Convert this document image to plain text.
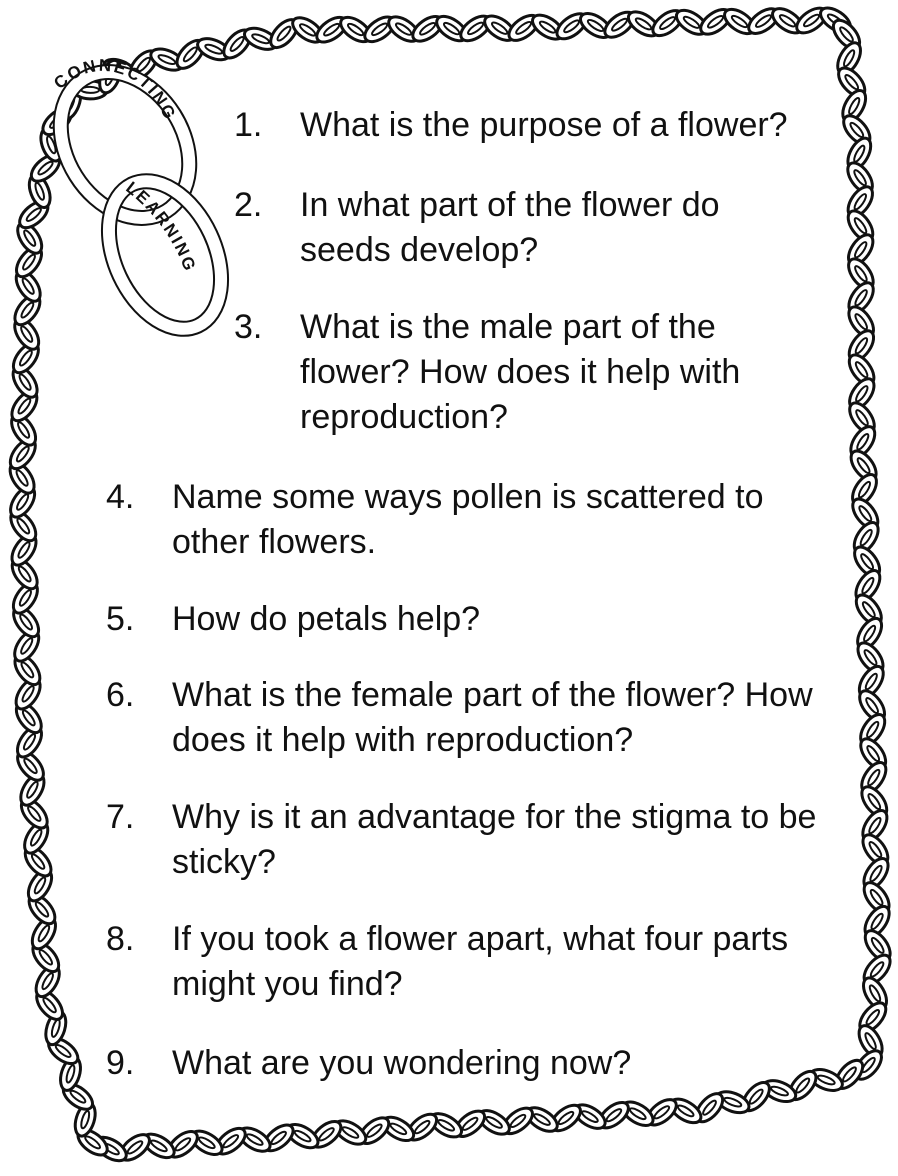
CONNECTING
LEARNING
1.	What is the purpose of a flower?
2.	In what part of the flower do seeds develop?
3.	What is the male part of the flower? How does it help with reproduction?
4.	Name some ways pollen is scattered to other flowers.
5.	How do petals help?
6.	What is the female part of the flower? How does it help with reproduction?
7.	Why is it an advantage for the stigma to be sticky?
8.	If you took a flower apart, what four parts might you find?
9.	What are you wondering now?
